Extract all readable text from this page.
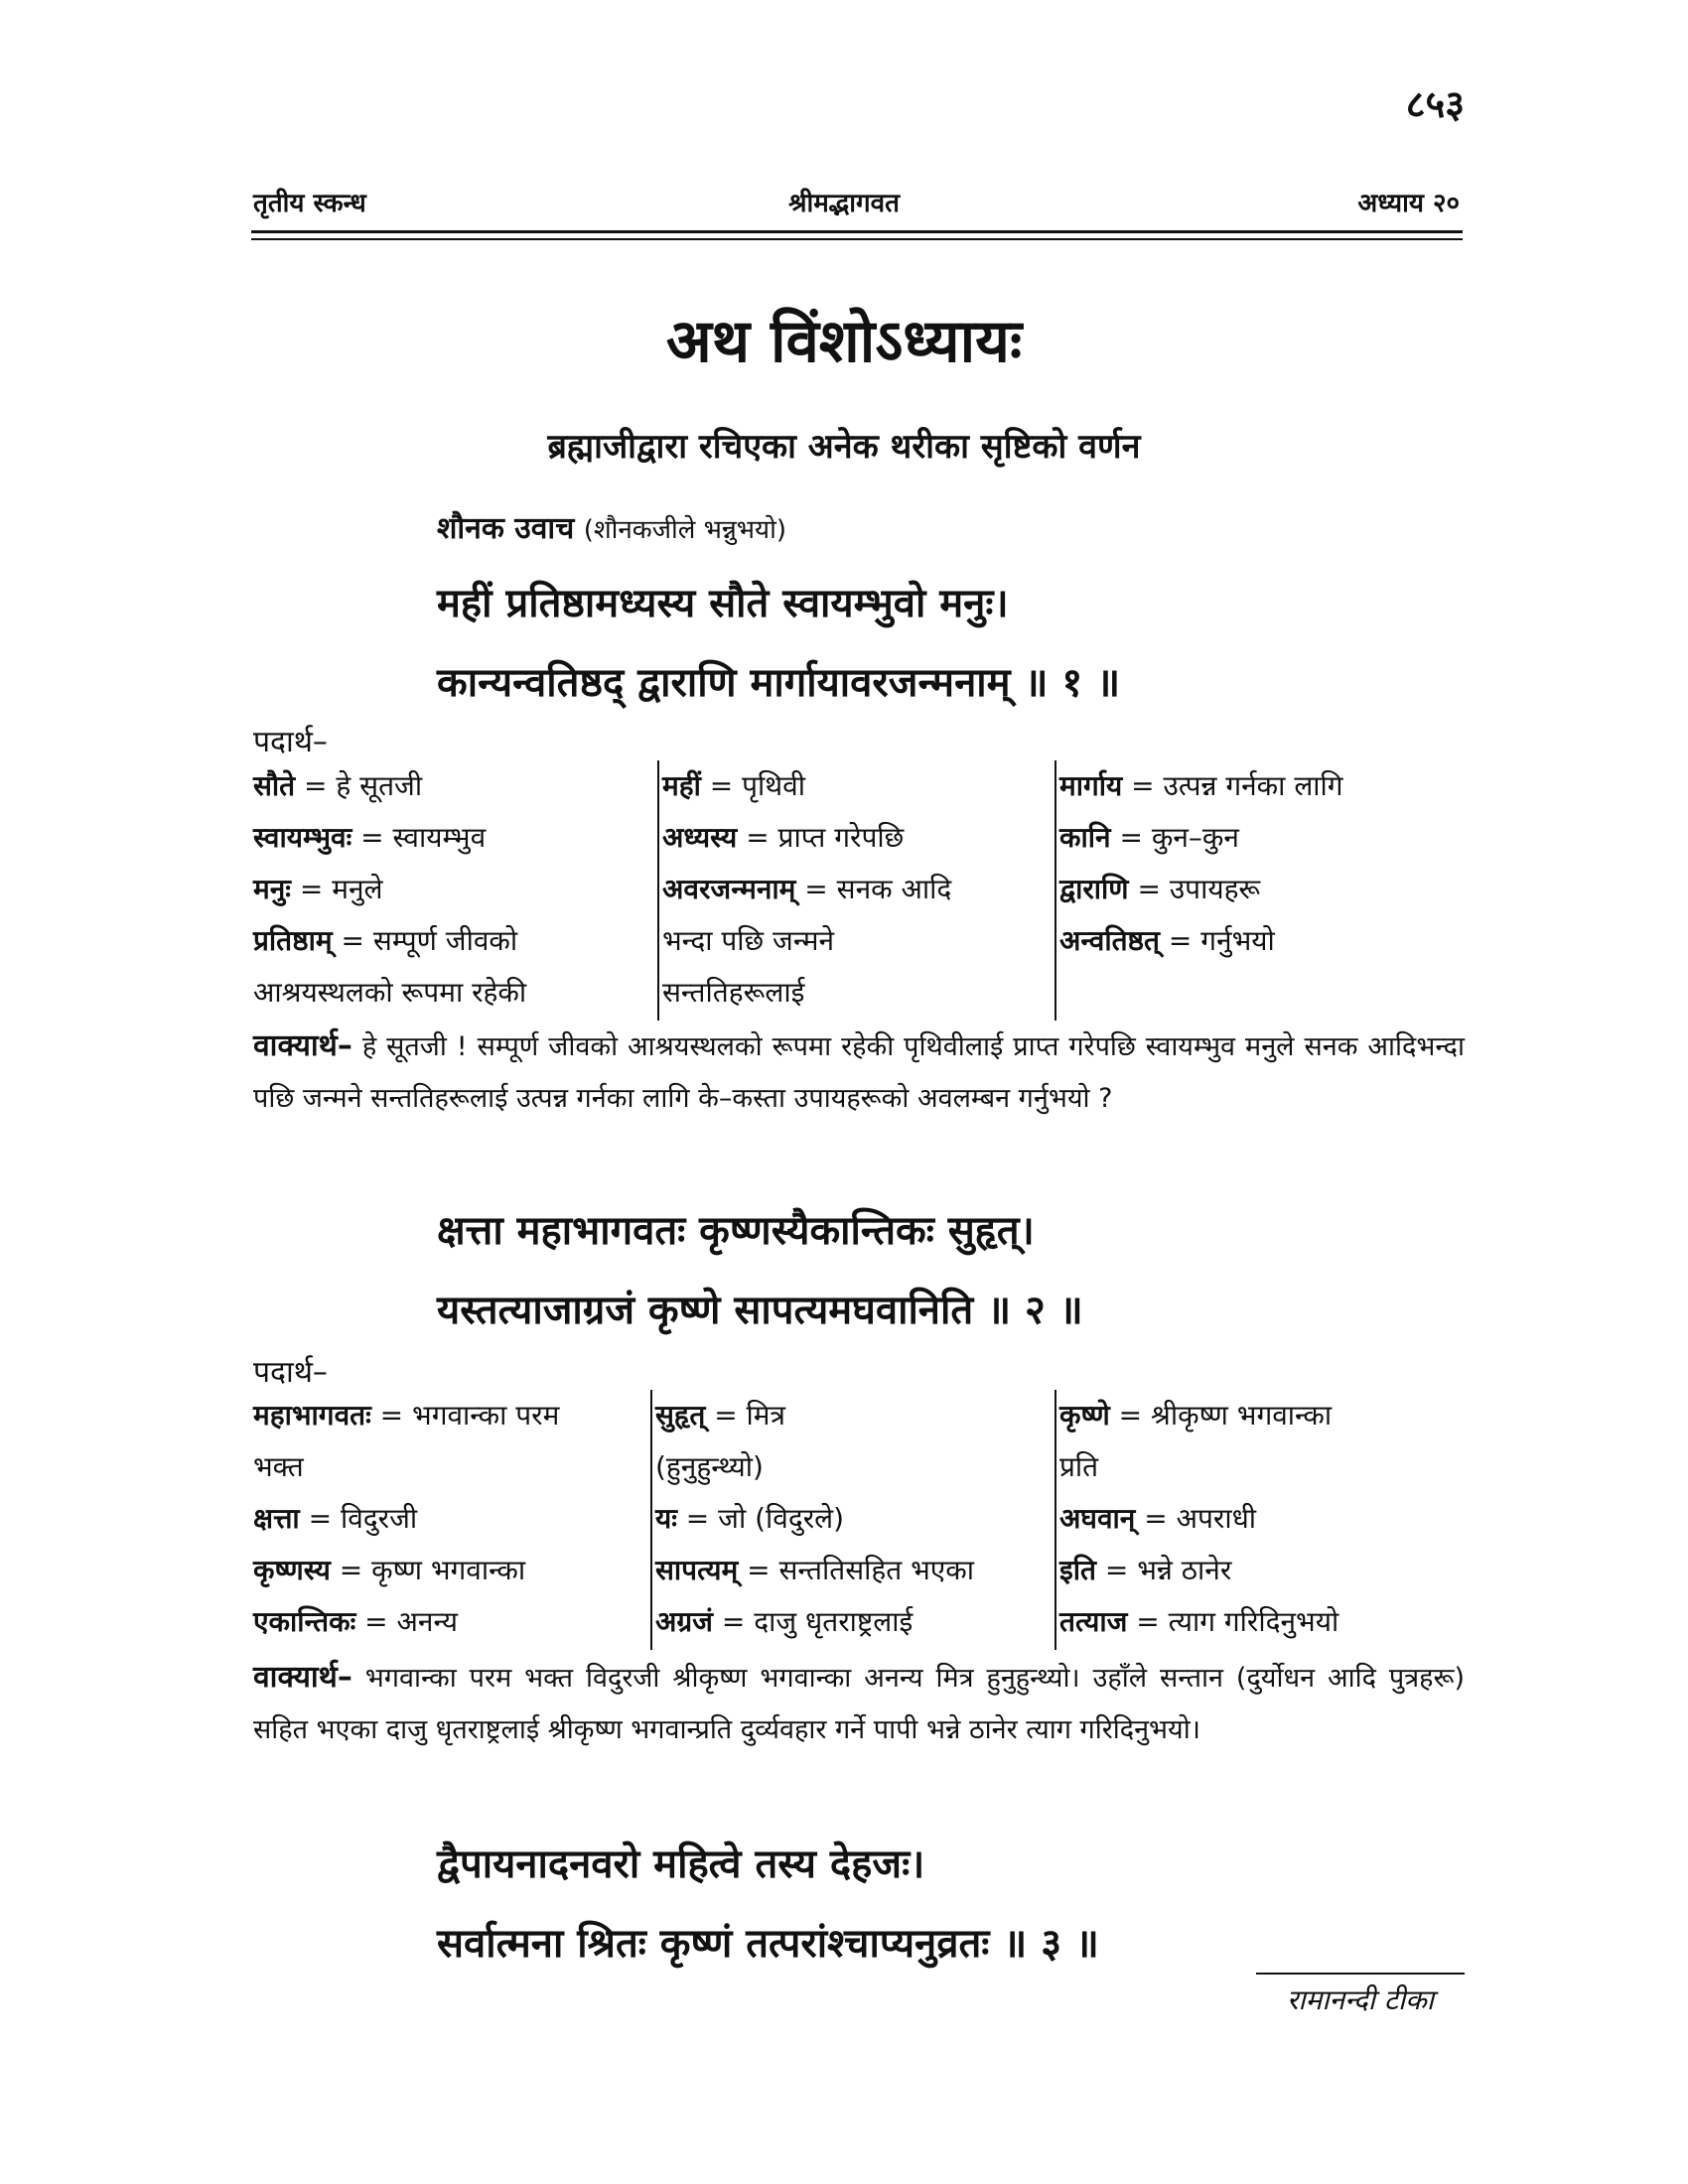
८५३
तृतीय स्कन्ध	श्रीमद्भागवत	अध्याय २०
अथ विंशोऽध्यायः
ब्रह्माजीद्वारा रचिएका अनेक थरीका सृष्टिको वर्णन
शौनक उवाच (शौनकजीले भन्नुभयो)
महीं प्रतिष्ठामध्यस्य सौते स्वायम्भुवो मनुः।
कान्यन्वतिष्ठद् द्वाराणि मार्गायावरजन्मनाम् ॥ १ ॥
पदार्थ–
सौते = हे सूतजी
स्वायम्भुवः = स्वायम्भुव
मनुः = मनुले
प्रतिष्ठाम् = सम्पूर्ण जीवको
आश्रयस्थलको रूपमा रहेकी
महीं = पृथिवी
अध्यस्य = प्राप्त गरेपछि
अवरजन्मनाम् = सनक आदि
भन्दा पछि जन्मने
सन्ततिहरूलाई
मार्गाय = उत्पन्न गर्नका लागि
कानि = कुन–कुन
द्वाराणि = उपायहरू
अन्वतिष्ठत् = गर्नुभयो
वाक्यार्थ– हे सूतजी ! सम्पूर्ण जीवको आश्रयस्थलको रूपमा रहेकी पृथिवीलाई प्राप्त गरेपछि स्वायम्भुव मनुले सनक आदिभन्दा पछि जन्मने सन्ततिहरूलाई उत्पन्न गर्नका लागि के–कस्ता उपायहरूको अवलम्बन गर्नुभयो ?
क्षत्ता महाभागवतः कृष्णस्यैकान्तिकः सुहृत्।
यस्तत्याजाग्रजं कृष्णे सापत्यमघवानिति ॥ २ ॥
पदार्थ–
महाभागवतः = भगवान्का परम
भक्त
क्षत्ता = विदुरजी
कृष्णस्य = कृष्ण भगवान्का
एकान्तिकः = अनन्य
सुहृत् = मित्र
(हुनुहुन्थ्यो)
यः = जो (विदुरले)
सापत्यम् = सन्ततिसहित भएका
अग्रजं = दाजु धृतराष्ट्रलाई
कृष्णे = श्रीकृष्ण भगवान्का
प्रति
अघवान् = अपराधी
इति = भन्ने ठानेर
तत्याज = त्याग गरिदिनुभयो
वाक्यार्थ– भगवान्का परम भक्त विदुरजी श्रीकृष्ण भगवान्का अनन्य मित्र हुनुहुन्थ्यो। उहाँले सन्तान (दुर्योधन आदि पुत्रहरू) सहित भएका दाजु धृतराष्ट्रलाई श्रीकृष्ण भगवान्प्रति दुर्व्यवहार गर्ने पापी भन्ने ठानेर त्याग गरिदिनुभयो।
द्वैपायनादनवरो महित्वे तस्य देहजः।
सर्वात्मना श्रितः कृष्णं तत्परांश्चाप्यनुव्रतः ॥ ३ ॥
रामानन्दी टीका
